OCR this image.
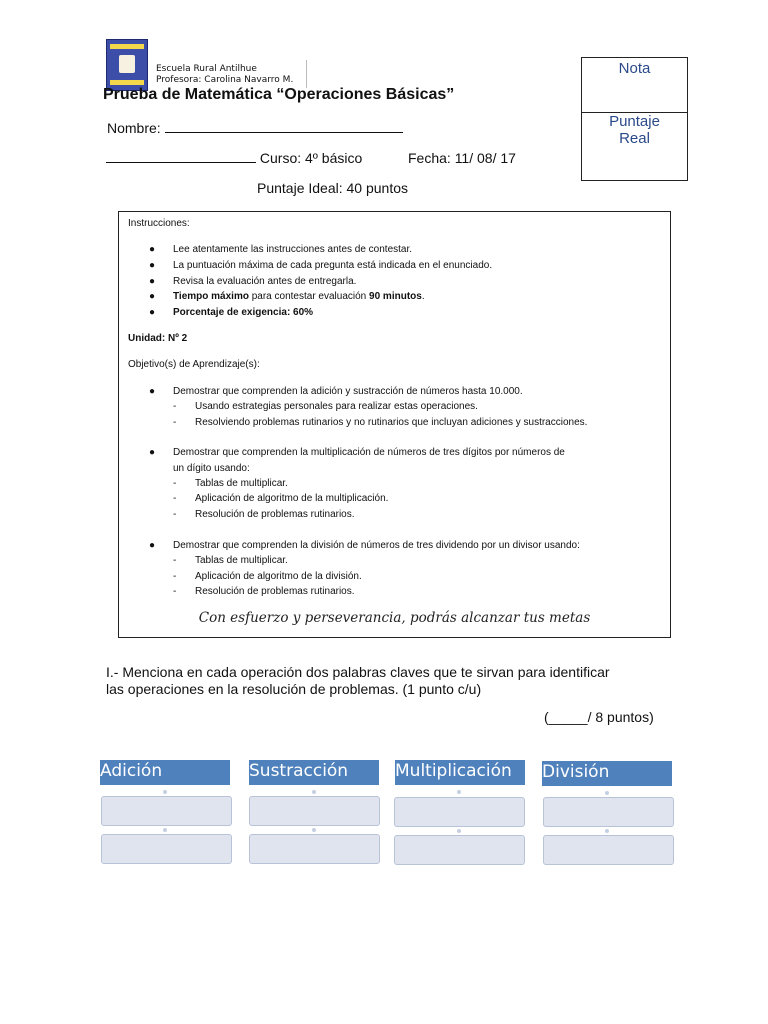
Escuela Rural Antilhue
Profesora: Carolina Navarro M.
Prueba de Matemática “Operaciones Básicas”
Nota
Puntaje
Real
Nombre:
Curso: 4º básico	Fecha: 11/ 08/ 17
Puntaje Ideal: 40 puntos
Instrucciones:
● Lee atentamente las instrucciones antes de contestar.
● La puntuación máxima de cada pregunta está indicada en el enunciado.
● Revisa la evaluación antes de entregarla.
● Tiempo máximo para contestar evaluación 90 minutos.
● Porcentaje de exigencia: 60%
Unidad: Nº 2
Objetivo(s) de Aprendizaje(s):
● Demostrar que comprenden la adición y sustracción de números hasta 10.000.
- Usando estrategias personales para realizar estas operaciones.
- Resolviendo problemas rutinarios y no rutinarios que incluyan adiciones y sustracciones.
● Demostrar que comprenden la multiplicación de números de tres dígitos por números de
un dígito usando:
- Tablas de multiplicar.
- Aplicación de algoritmo de la multiplicación.
- Resolución de problemas rutinarios.
● Demostrar que comprenden la división de números de tres dividendo por un divisor usando:
- Tablas de multiplicar.
- Aplicación de algoritmo de la división.
- Resolución de problemas rutinarios.
Con esfuerzo y perseverancia, podrás alcanzar tus metas
I.- Menciona en cada operación dos palabras claves que te sirvan para identificar
las operaciones en la resolución de problemas. (1 punto c/u)
(_____/ 8 puntos)
Adición	Sustracción	Multiplicación	División
